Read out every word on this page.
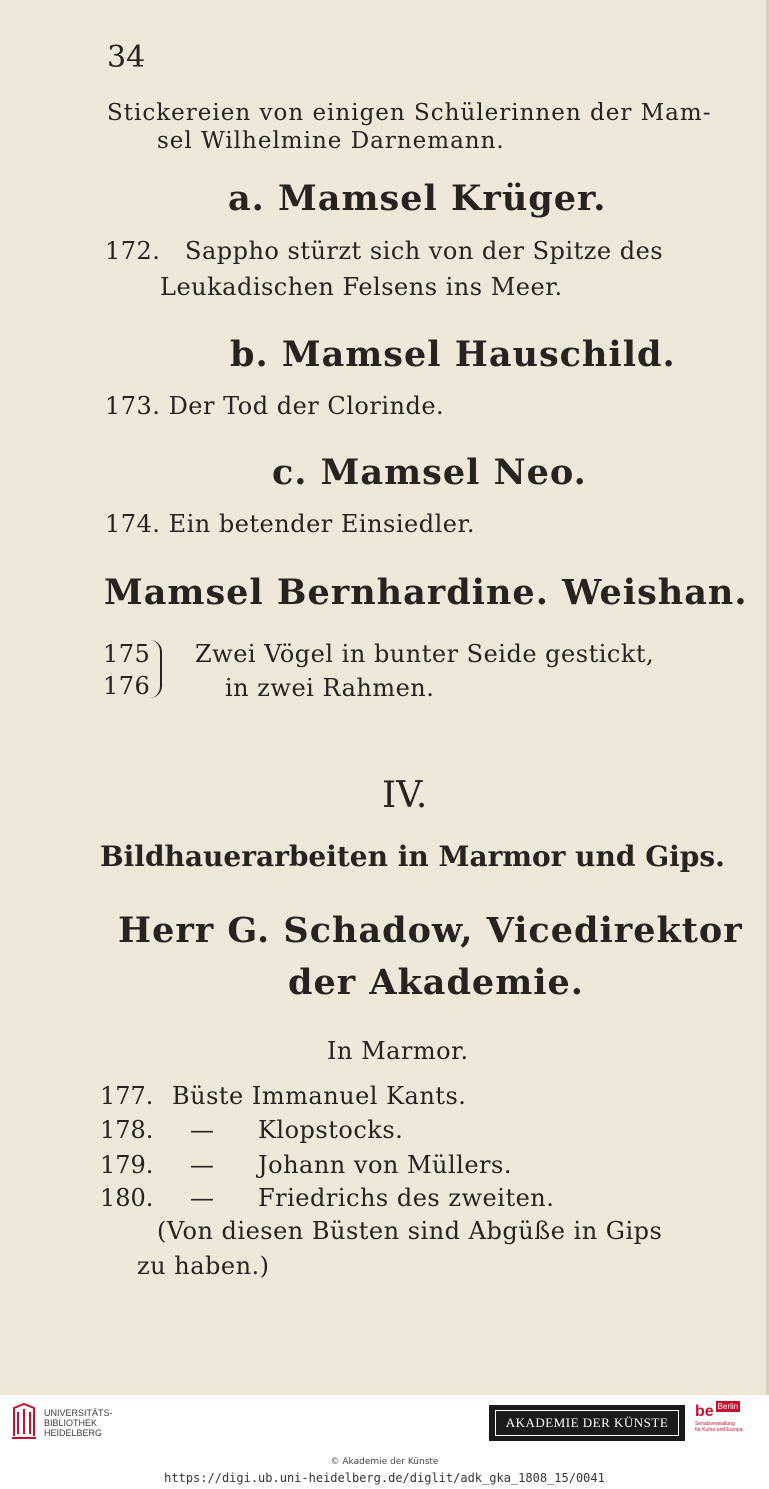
34
Stickereien von einigen Schülerinnen der Mam-
sel Wilhelmine Darnemann.
a. Mamsel Krüger.
172. Sappho stürzt sich von der Spitze des
Leukadischen Felsens ins Meer.
b. Mamsel Hauschild.
173. Der Tod der Clorinde.
c. Mamsel Neo.
174. Ein betender Einsiedler.
Mamsel Bernhardine. Weishan.
175
176
Zwei Vögel in bunter Seide gestickt,
in zwei Rahmen.
IV.
Bildhauerarbeiten in Marmor und Gips.
Herr G. Schadow, Vicedirektor
der Akademie.
In Marmor.
177. Büste Immanuel Kants.
178. — Klopstocks.
179. — Johann von Müllers.
180. — Friedrichs des zweiten.
(Von diesen Büsten sind Abgüße in Gips
zu haben.)
UNIVERSITÄTS-
BIBLIOTHEK
HEIDELBERG
AKADEMIE DER KÜNSTE
be Berlin
Senatsverwaltung
für Kultur und Europa
© Akademie der Künste
https://digi.ub.uni-heidelberg.de/diglit/adk_gka_1808_15/0041
